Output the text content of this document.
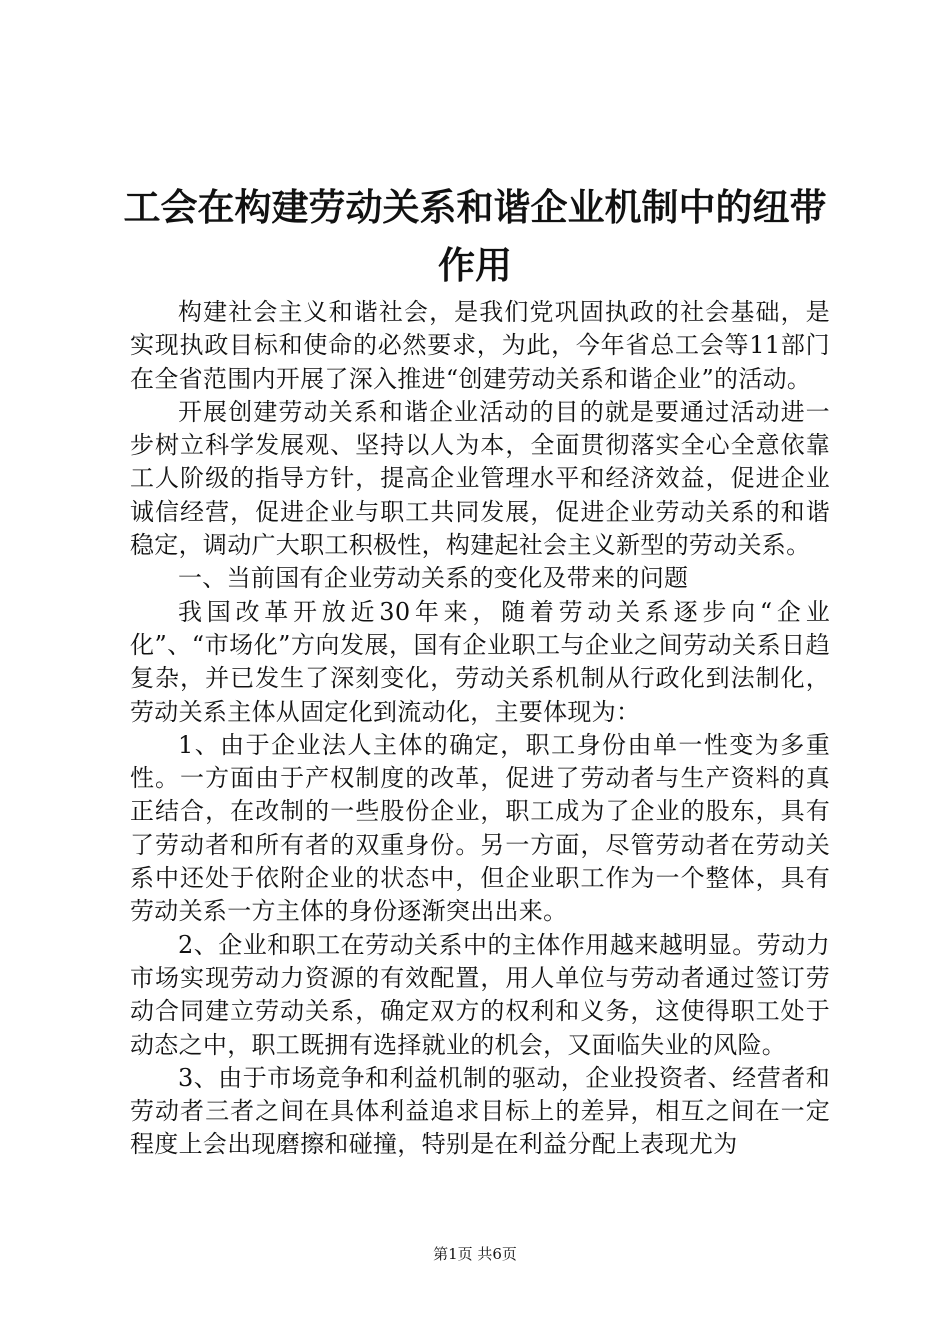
工会在构建劳动关系和谐企业机制中的纽带作用

构建社会主义和谐社会，是我们党巩固执政的社会基础，是实现执政目标和使命的必然要求，为此，今年省总工会等11部门在全省范围内开展了深入推进“创建劳动关系和谐企业”的活动。

开展创建劳动关系和谐企业活动的目的就是要通过活动进一步树立科学发展观、坚持以人为本，全面贯彻落实全心全意依靠工人阶级的指导方针，提高企业管理水平和经济效益，促进企业诚信经营，促进企业与职工共同发展，促进企业劳动关系的和谐稳定，调动广大职工积极性，构建起社会主义新型的劳动关系。

一、当前国有企业劳动关系的变化及带来的问题

我国改革开放近30年来，随着劳动关系逐步向“企业化”、“市场化”方向发展，国有企业职工与企业之间劳动关系日趋复杂，并已发生了深刻变化，劳动关系机制从行政化到法制化，劳动关系主体从固定化到流动化，主要体现为：

1、由于企业法人主体的确定，职工身份由单一性变为多重性。一方面由于产权制度的改革，促进了劳动者与生产资料的真正结合，在改制的一些股份企业，职工成为了企业的股东，具有了劳动者和所有者的双重身份。另一方面，尽管劳动者在劳动关系中还处于依附企业的状态中，但企业职工作为一个整体，具有劳动关系一方主体的身份逐渐突出出来。

2、企业和职工在劳动关系中的主体作用越来越明显。劳动力市场实现劳动力资源的有效配置，用人单位与劳动者通过签订劳动合同建立劳动关系，确定双方的权利和义务，这使得职工处于动态之中，职工既拥有选择就业的机会，又面临失业的风险。

3、由于市场竞争和利益机制的驱动，企业投资者、经营者和劳动者三者之间在具体利益追求目标上的差异，相互之间在一定程度上会出现磨擦和碰撞，特别是在利益分配上表现尤为

第1页 共6页
